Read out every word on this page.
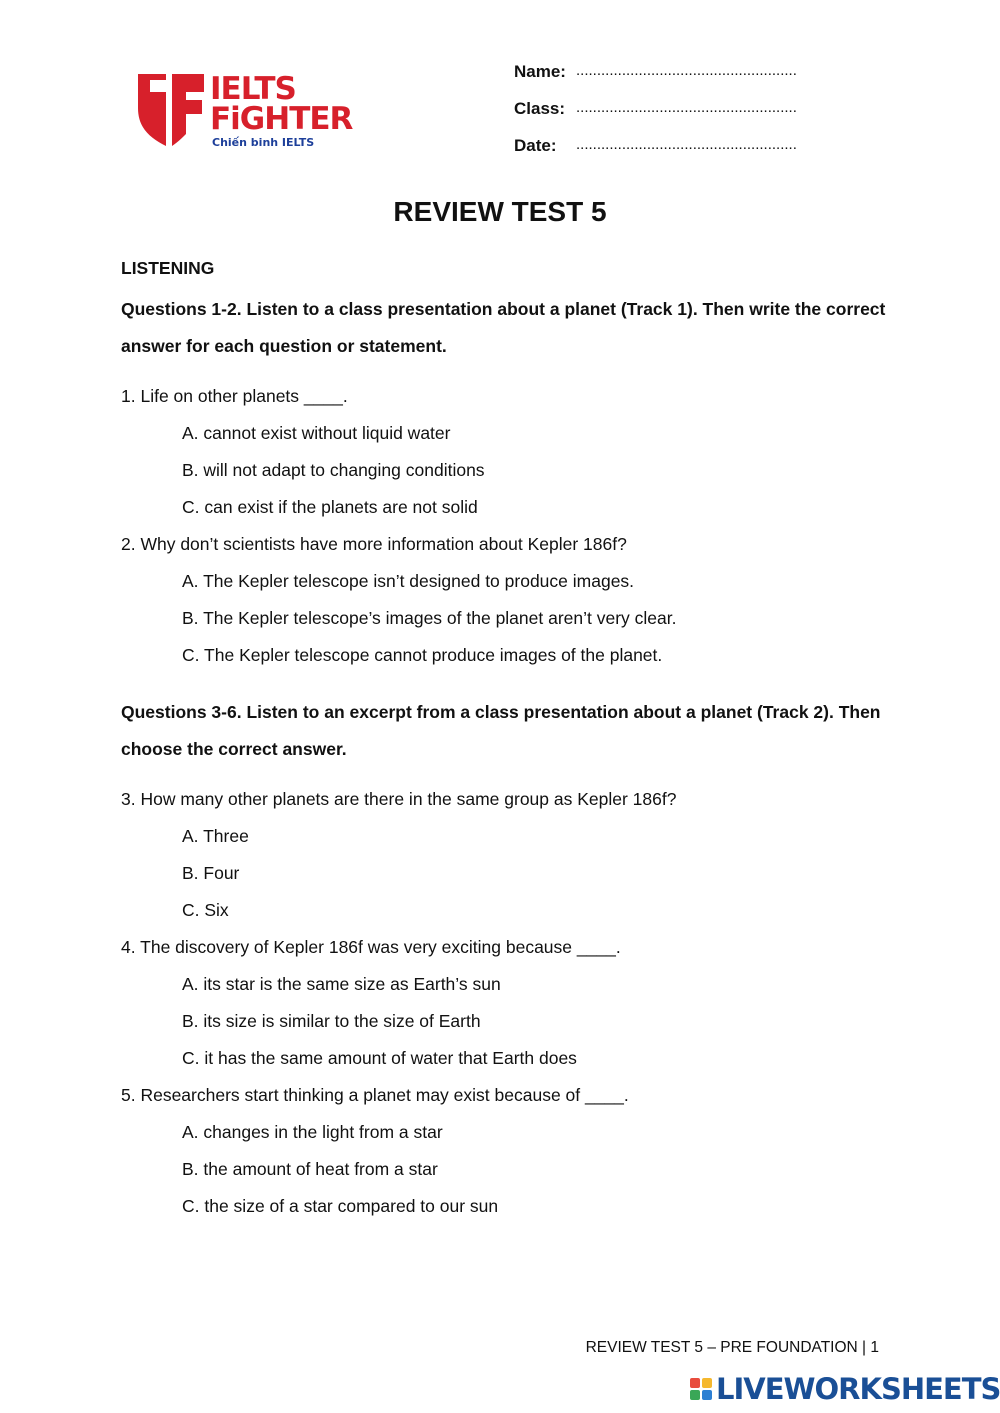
IELTS
FiGHTER
Chiến binh IELTS
Name: .....................................................
Class: .....................................................
Date:	.....................................................
REVIEW TEST 5
LISTENING
Questions 1-2. Listen to a class presentation about a planet (Track 1). Then write the correct answer for each question or statement.
1. Life on other planets ____.
A. cannot exist without liquid water
B. will not adapt to changing conditions
C. can exist if the planets are not solid
2. Why don’t scientists have more information about Kepler 186f?
A. The Kepler telescope isn’t designed to produce images.
B. The Kepler telescope’s images of the planet aren’t very clear.
C. The Kepler telescope cannot produce images of the planet.
Questions 3-6. Listen to an excerpt from a class presentation about a planet (Track 2). Then choose the correct answer.
3. How many other planets are there in the same group as Kepler 186f?
A. Three
B. Four
C. Six
4. The discovery of Kepler 186f was very exciting because ____.
A. its star is the same size as Earth’s sun
B. its size is similar to the size of Earth
C. it has the same amount of water that Earth does
5. Researchers start thinking a planet may exist because of ____.
A. changes in the light from a star
B. the amount of heat from a star
C. the size of a star compared to our sun
REVIEW TEST 5 – PRE FOUNDATION | 1
LIVEWORKSHEETS
